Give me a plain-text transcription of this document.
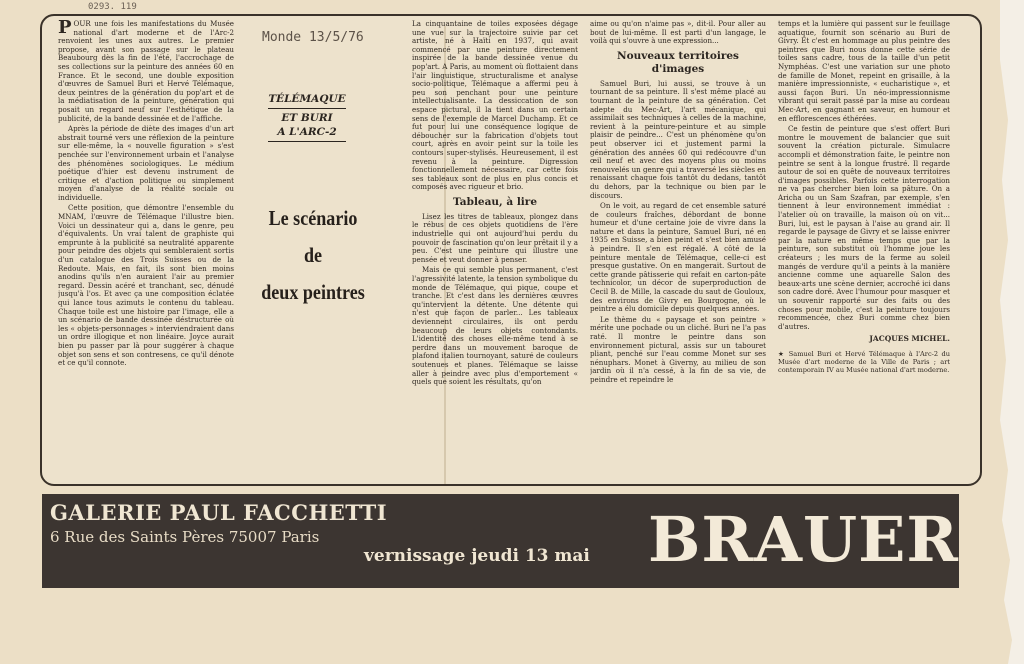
0293. 119
Monde 13/5/76

POUR une fois les manifestations du Musée national d'art moderne et de l'Arc-2 renvoient les unes aux autres. Le premier propose, avant son passage sur le plateau Beaubourg dès la fin de l'été, l'accrochage de ses collections sur la peinture des années 60 en France. Et le second, une double exposition d'œuvres de Samuel Buri et Hervé Télémaque, deux peintres de la génération du pop'art et de la médiatisation de la peinture, génération qui posait un regard neuf sur l'esthétique de la publicité, de la bande dessinée et de l'affiche.

Après la période de diète des images d'un art abstrait tourné vers une réflexion de la peinture sur elle-même, la « nouvelle figuration » s'est penchée sur l'environnement urbain et l'analyse des phénomènes sociologiques. Le médium poétique d'hier est devenu instrument de critique et d'action politique ou simplement moyen d'analyse de la réalité sociale ou individuelle.

Cette position, que démontre l'ensemble du MNAM, l'œuvre de Télémaque l'illustre bien. Voici un dessinateur qui a, dans le genre, peu d'équivalents. Un vrai talent de graphiste qui emprunte à la publicité sa neutralité apparente pour peindre des objets qui sembleraient sortis d'un catalogue des Trois Suisses ou de la Redoute. Mais, en fait, ils sont bien moins anodins qu'ils n'en auraient l'air au premier regard. Dessin acéré et tranchant, sec, dénudé jusqu'à l'os. Et avec ça une composition éclatée qui lance tous azimuts le contenu du tableau. Chaque toile est une histoire par l'image, elle a un scénario de bande dessinée déstructurée où les « objets-personnages » interviendraient dans un ordre illogique et non linéaire. Joyce aurait bien pu passer par là pour suggérer à chaque objet son sens et son contresens, ce qu'il dénote et ce qu'il connote.

TÉLÉMAQUE
ET BURI
A L'ARC-2
Le scénario
de
deux peintres

La cinquantaine de toiles exposées dégage une vue sur la trajectoire suivie par cet artiste, né à Haïti en 1937, qui avait commencé par une peinture directement inspirée de la bande dessinée venue du pop'art. A Paris, au moment où flottaient dans l'air linguistique, structuralisme et analyse socio-politique, Télémaque a affermi peu à peu son penchant pour une peinture intellectualisante. La dessiccation de son espace pictural, il la tient dans un certain sens de l'exemple de Marcel Duchamp. Et ce fut pour lui une conséquence logique de déboucher sur la fabrication d'objets tout court, après en avoir peint sur la toile les contours super-stylisés. Heureusement, il est revenu à la peinture. Digression fonctionnellement nécessaire, car cette fois ses tableaux sont de plus en plus concis et composés avec rigueur et brio.

Tableau, à lire

Lisez les titres de tableaux, plongez dans le rébus de ces objets quotidiens de l'ère industrielle qui ont aujourd'hui perdu du pouvoir de fascination qu'on leur prêtait il y a peu. C'est une peinture qui illustre une pensée et veut donner à penser.

Mais ce qui semble plus permanent, c'est l'agressivité latente, la tension symbolique du monde de Télémaque, qui pique, coupe et tranche. Et c'est dans les dernières œuvres qu'intervient la détente. Une détente qui n'est que façon de parler... Les tableaux deviennent circulaires, ils ont perdu beaucoup de leurs objets contondants. L'identité des choses elle-même tend à se perdre dans un mouvement baroque de plafond italien tournoyant, saturé de couleurs soutenues et planes. Télémaque se laisse aller à peindre avec plus d'emportement « quels que soient les résultats, qu'on

aime ou qu'on n'aime pas », dit-il. Pour aller au bout de lui-même. Il est parti d'un langage, le voilà qui s'ouvre à une expression...

Nouveaux territoires
d'images

Samuel Buri, lui aussi, se trouve à un tournant de sa peinture. Il s'est même placé au tournant de la peinture de sa génération. Cet adepte du Mec-Art, l'art mécanique, qui assimilait ses techniques à celles de la machine, revient à la peinture-peinture et au simple plaisir de peindre... C'est un phénomène qu'on peut observer ici et justement parmi la génération des années 60 qui redécouvre d'un œil neuf et avec des moyens plus ou moins renouvelés un genre qui a traversé les siècles en renaissant chaque fois tantôt du dedans, tantôt du dehors, par la technique ou bien par le discours.

On le voit, au regard de cet ensemble saturé de couleurs fraîches, débordant de bonne humeur et d'une certaine joie de vivre dans la nature et dans la peinture, Samuel Buri, né en 1935 en Suisse, a bien peint et s'est bien amusé à peindre. Il s'en est régalé. A côté de la peinture mentale de Télémaque, celle-ci est presque gustative. On en mangerait. Surtout de cette grande pâtisserie qui refait en carton-pâte technicolor, un décor de superproduction de Cecil B. de Mille, la cascade du saut de Gouloux, des environs de Givry en Bourgogne, où le peintre a élu domicile depuis quelques années.

Le thème du « paysage et son peintre » mérite une pochade ou un cliché. Buri ne l'a pas raté. Il montre le peintre dans son environnement pictural, assis sur un tabouret pliant, penché sur l'eau comme Monet sur ses nénuphars. Monet à Giverny, au milieu de son jardin où il n'a cessé, à la fin de sa vie, de peindre et repeindre le

temps et la lumière qui passent sur le feuillage aquatique, fournit son scénario au Buri de Givry. Et c'est en hommage au plus peintre des peintres que Buri nous donne cette série de toiles sans cadre, tous de la taille d'un petit Nymphéas. C'est une variation sur une photo de famille de Monet, repeint en grisaille, à la manière impressionniste, « eucharistique », et aussi façon Buri. Un néo-impressionnisme vibrant qui serait passé par la mise au cordeau Mec-Art, en gagnant en saveur, en humour et en efflorescences éthérées.

Ce festin de peinture que s'est offert Buri montre le mouvement de balancier que suit souvent la création picturale. Simulacre accompli et démonstration faite, le peintre non peintre se sent à la longue frustré. Il regarde autour de soi en quête de nouveaux territoires d'images possibles. Parfois cette interrogation ne va pas chercher bien loin sa pâture. On a Aricha ou un Sam Szafran, par exemple, s'en tiennent à leur environnement immédiat : l'atelier où on travaille, la maison où on vit... Buri, lui, est le paysan à l'aise au grand air. Il regarde le paysage de Givry et se laisse enivrer par la nature en même temps que par la peinture, son substitut où l'homme joue les créateurs ; les murs de la ferme au soleil mangés de verdure qu'il a peints à la manière ancienne comme une aquarelle Salon des beaux-arts une scène dernier, accroché ici dans son cadre doré. Avec l'humour pour masquer et un souvenir rapporté sur des faits ou des choses pour mobile, c'est la peinture toujours recommencée, chez Buri comme chez bien d'autres.

JACQUES MICHEL.
★ Samuel Buri et Hervé Télémaque à l'Arc-2 du Musée d'art moderne de la Ville de Paris ; art contemporain IV au Musée national d'art moderne.
GALERIE PAUL FACCHETTI
6 Rue des Saints Pères 75007 Paris
vernissage jeudi 13 mai BRAUER
